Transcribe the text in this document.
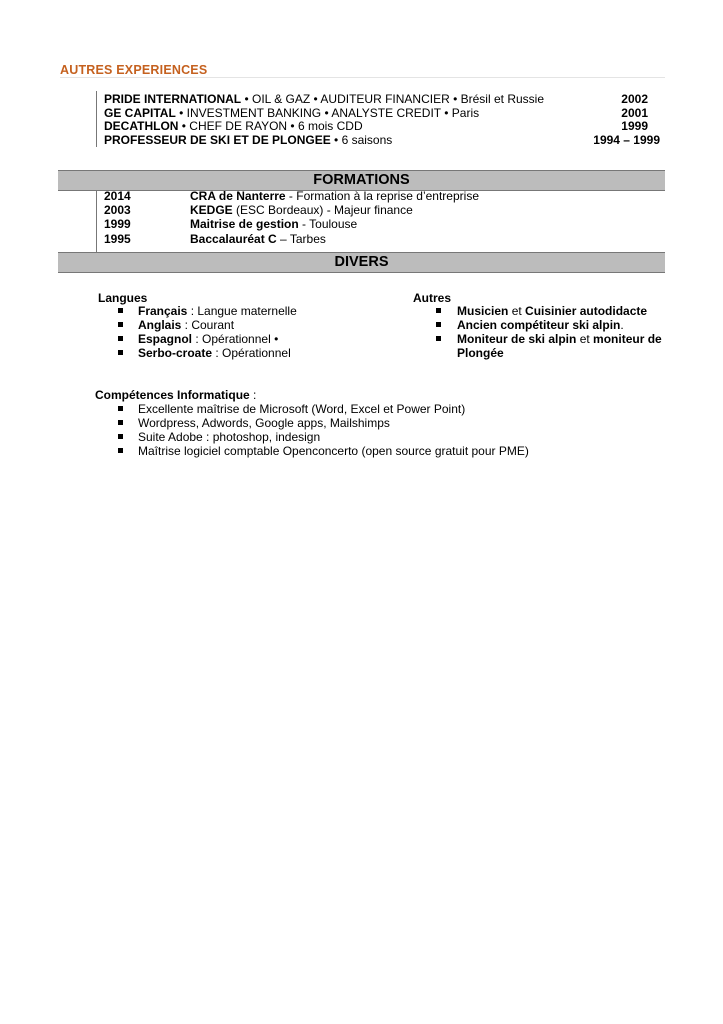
AUTRES EXPERIENCES
PRIDE INTERNATIONAL • OIL & GAZ • AUDITEUR FINANCIER • Brésil et Russie	2002
GE CAPITAL • INVESTMENT BANKING • ANALYSTE CREDIT • Paris	2001
DECATHLON • CHEF DE RAYON • 6 mois CDD	1999
PROFESSEUR DE SKI ET DE PLONGEE • 6 saisons	1994 – 1999
FORMATIONS
2014	CRA de Nanterre - Formation à la reprise d’entreprise
2003	KEDGE (ESC Bordeaux) - Majeur finance
1999	Maitrise de gestion - Toulouse
1995	Baccalauréat C – Tarbes
DIVERS
Langues
Français : Langue maternelle
Anglais : Courant
Espagnol : Opérationnel •
Serbo-croate : Opérationnel
Autres
Musicien et Cuisinier autodidacte
Ancien compétiteur ski alpin.
Moniteur de ski alpin et moniteur de Plongée
Compétences Informatique :
Excellente maîtrise de Microsoft (Word, Excel et Power Point)
Wordpress, Adwords, Google apps, Mailshimps
Suite Adobe : photoshop, indesign
Maîtrise logiciel comptable Openconcerto (open source gratuit pour PME)
